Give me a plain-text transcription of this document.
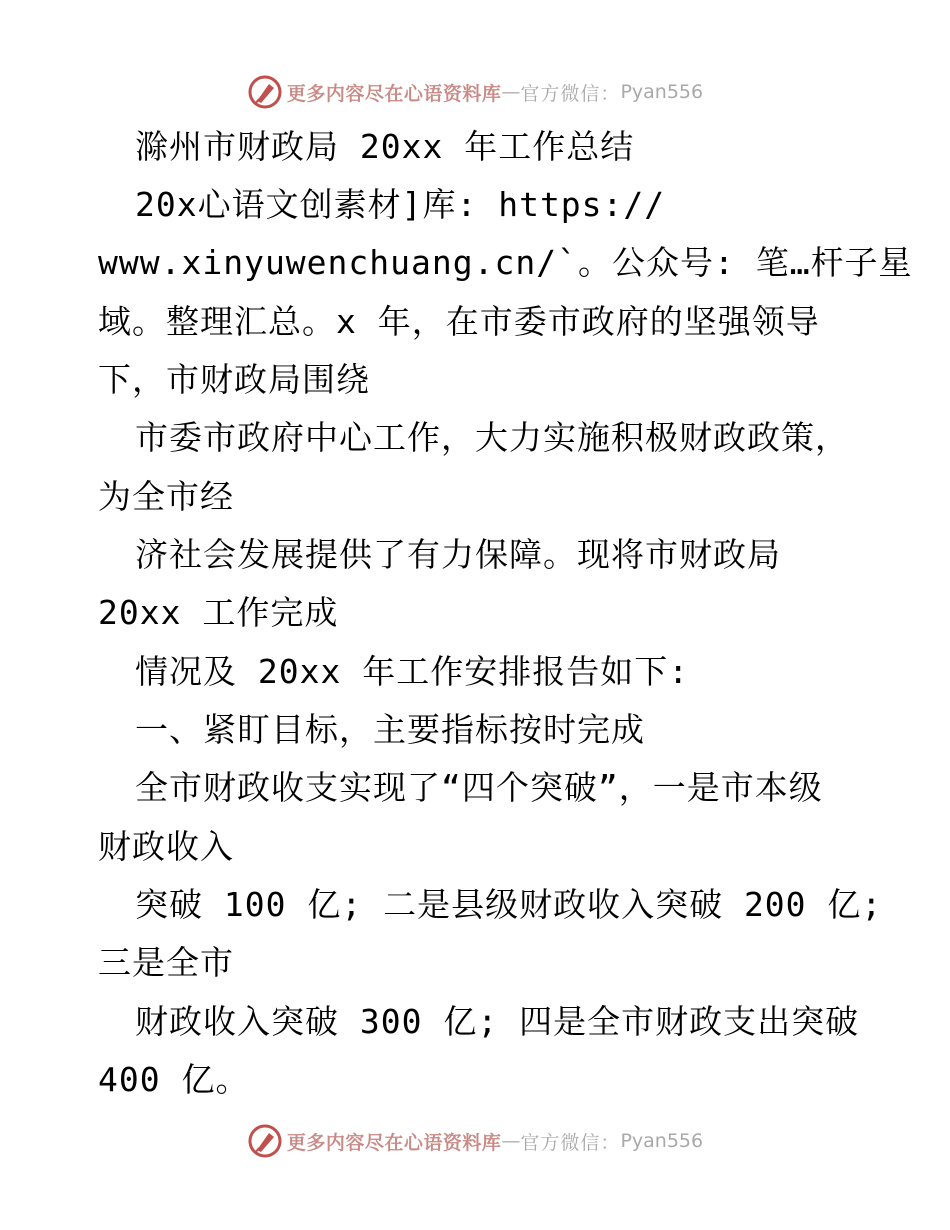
更多内容尽在心语资料库 — 官方微信： Pyan556
滁州市财政局 20xx 年工作总结
20x心语文创素材]库: https://
www.xinyuwenchuang.cn/`。公众号: 笔…杆子星
域。整理汇总。x 年，在市委市政府的坚强领导
下，市财政局围绕
市委市政府中心工作，大力实施积极财政政策，
为全市经
济社会发展提供了有力保障。现将市财政局
20xx 工作完成
情况及 20xx 年工作安排报告如下:
一、紧盯目标，主要指标按时完成
全市财政收支实现了“四个突破”，一是市本级
财政收入
突破 100 亿; 二是县级财政收入突破 200 亿;
三是全市
财政收入突破 300 亿; 四是全市财政支出突破
400 亿。
更多内容尽在心语资料库 — 官方微信： Pyan556
